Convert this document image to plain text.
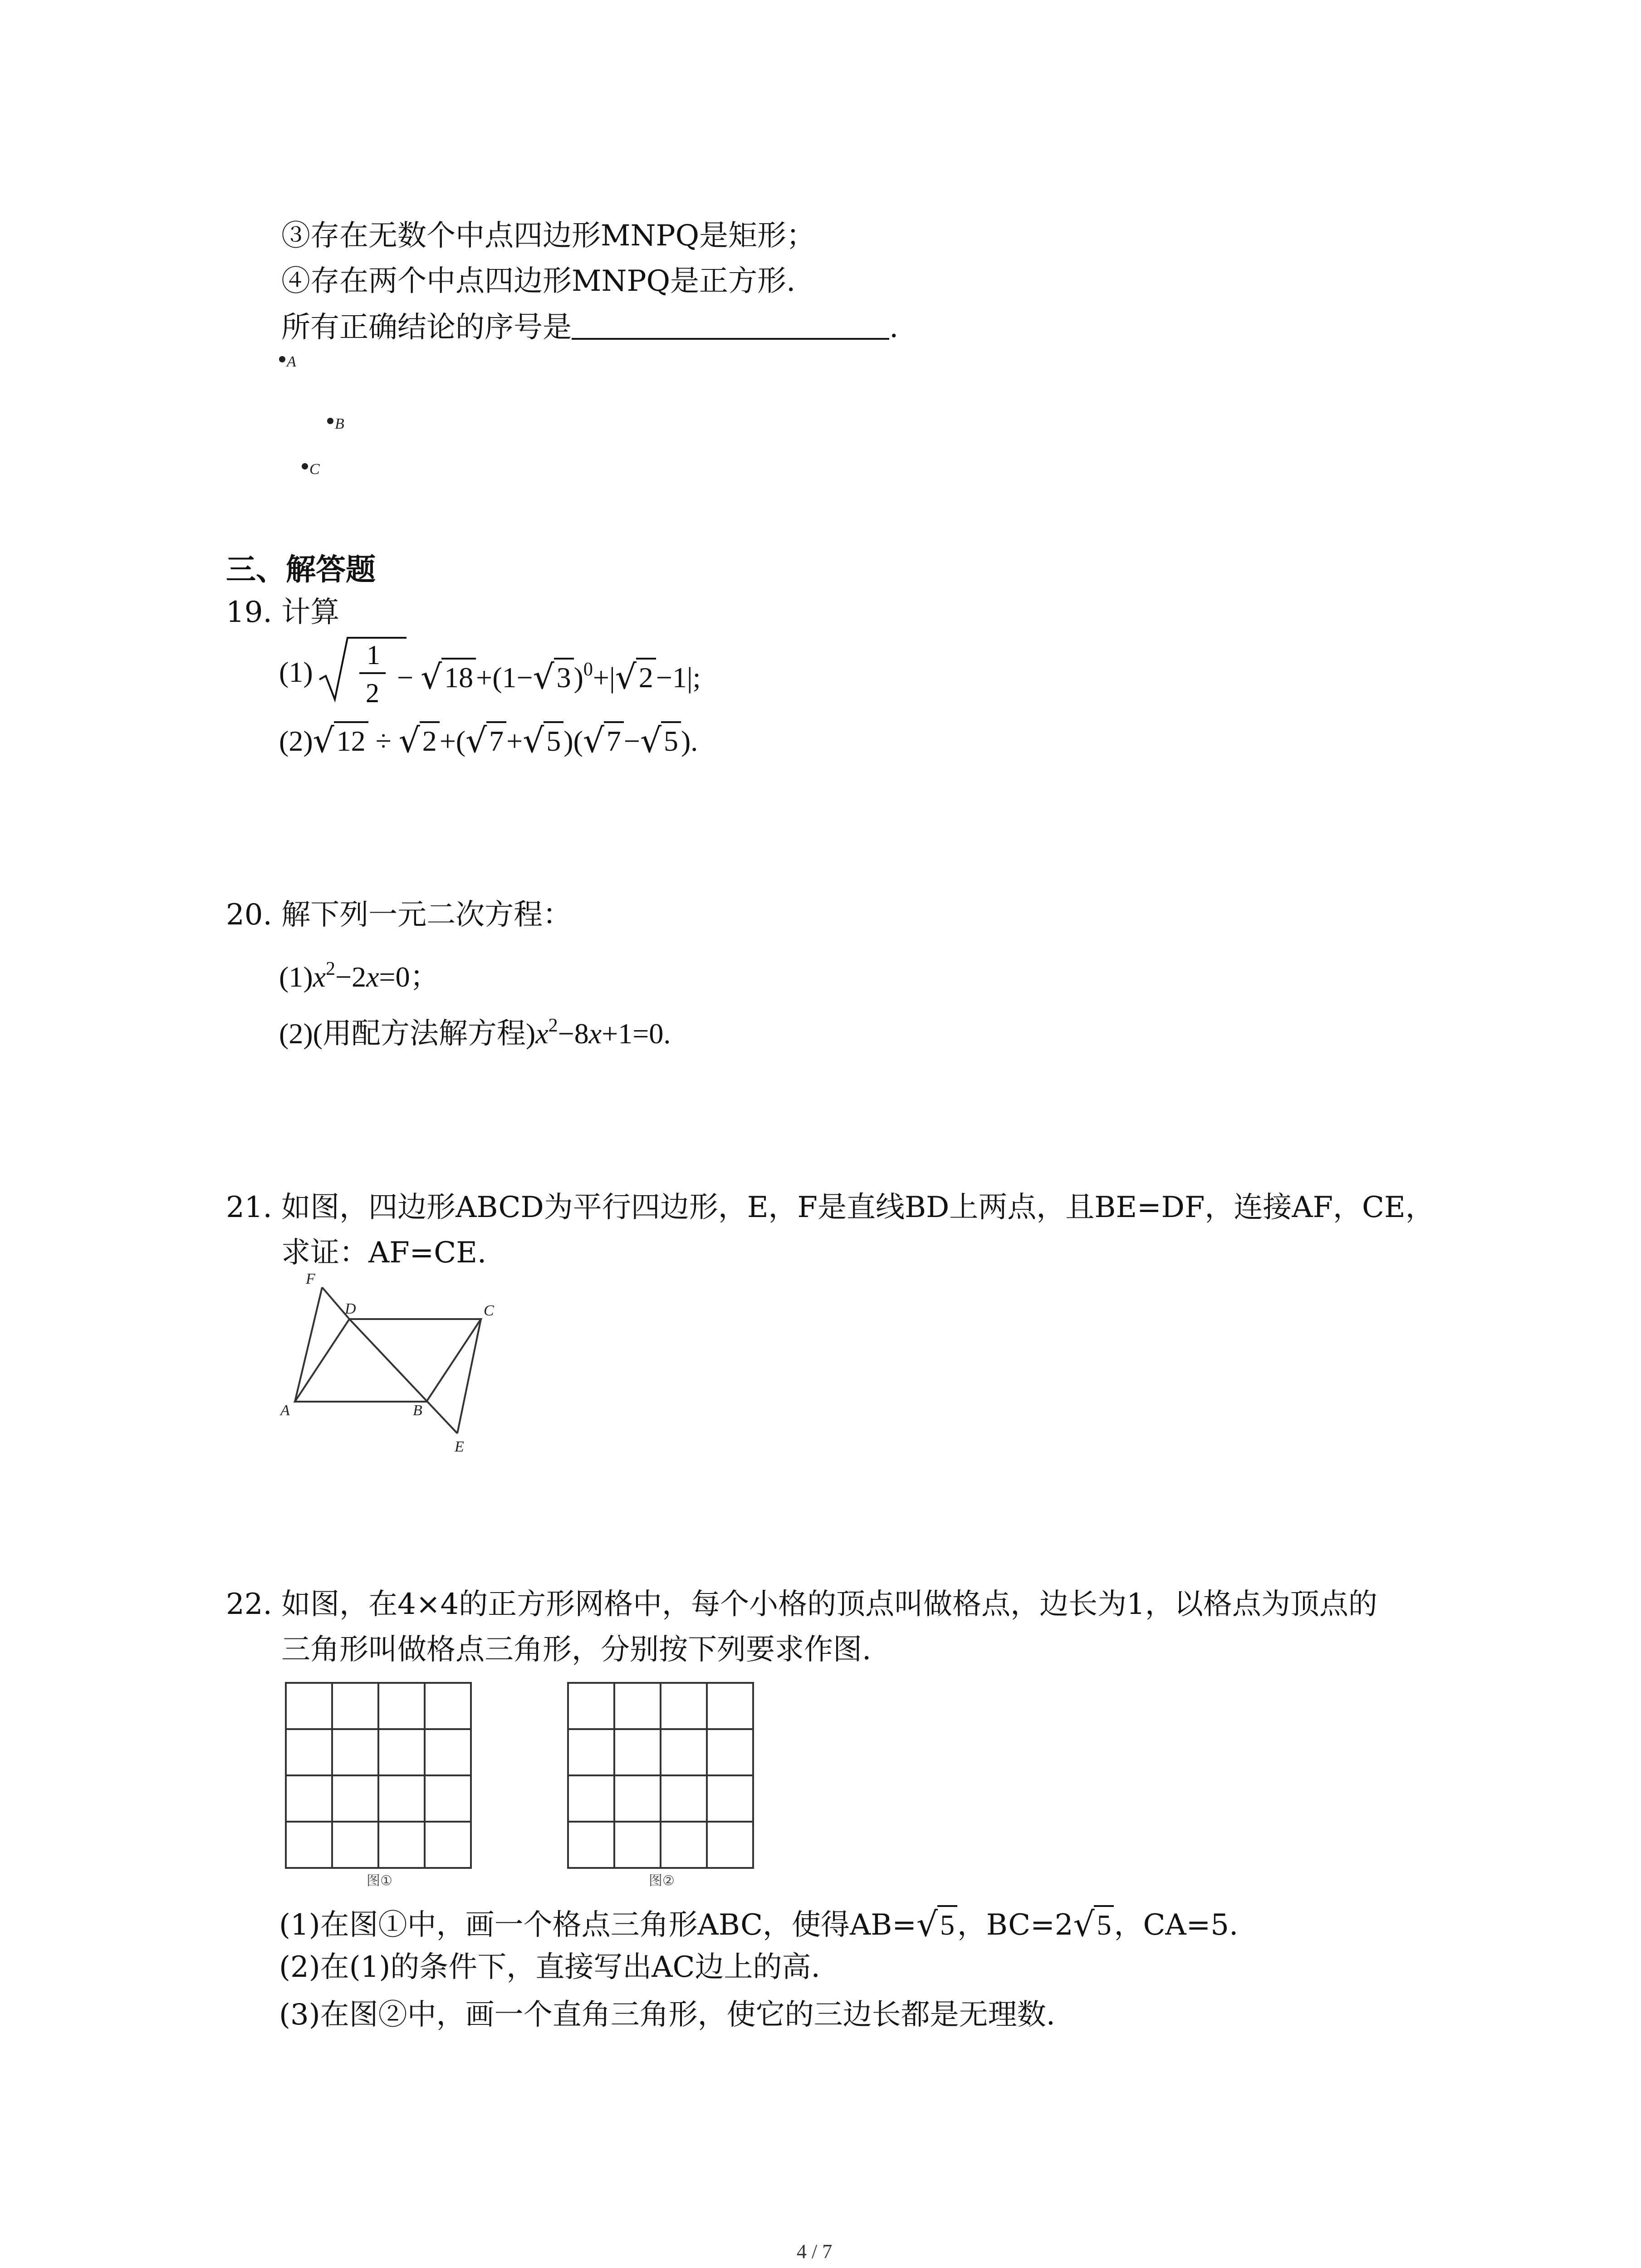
③存在无数个中点四边形MNPQ是矩形；
④存在两个中点四边形MNPQ是正方形.
所有正确结论的序号是	.
A
B
C
三、解答题
19. 计算
(1)
1
2 − √ 18+(1− √ 3)$^0$+| √ 2−1|;
(2) √ 12 ÷ √ 2+( √ 7+ √ 5)( √ 7− √ 5).
20. 解下列一元二次方程：
$(1)x^2-2x=0$；
(2)(用配方法解方程)$x^2-8x+1=0$.
21. 如图，四边形ABCD为平行四边形，E，F是直线BD上两点，且BE=DF，连接AF，CE，
求证：AF=CE.
F
D	C
A	B
E
22. 如图，在4×4的正方形网格中，每个小格的顶点叫做格点，边长为1，以格点为顶点的
三角形叫做格点三角形，分别按下列要求作图.
图①	图②
(1)在图①中，画一个格点三角形ABC，使得AB= √ 5，BC=2 √ 5，CA=5.
(2)在(1)的条件下，直接写出AC边上的高.
(3)在图②中，画一个直角三角形，使它的三边长都是无理数.
4 / 7
